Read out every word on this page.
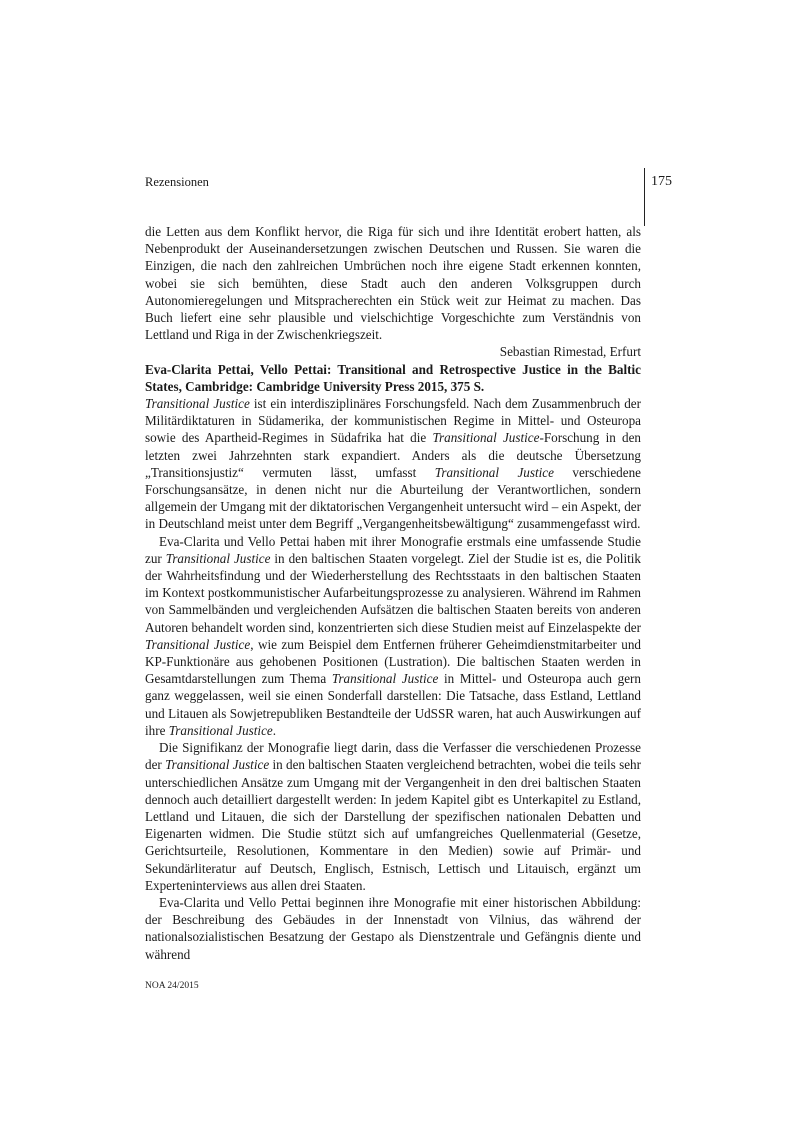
Rezensionen	175

die Letten aus dem Konflikt hervor, die Riga für sich und ihre Identität erobert hatten, als Nebenprodukt der Auseinandersetzungen zwischen Deutschen und Russen. Sie waren die Einzigen, die nach den zahlreichen Umbrüchen noch ihre eigene Stadt erkennen konnten, wobei sie sich bemühten, diese Stadt auch den anderen Volksgruppen durch Autonomieregelungen und Mitspracherechten ein Stück weit zur Heimat zu machen. Das Buch liefert eine sehr plausible und vielschichtige Vorgeschichte zum Verständnis von Lettland und Riga in der Zwischenkriegszeit.

Sebastian Rimestad, Erfurt

Eva-Clarita Pettai, Vello Pettai: Transitional and Retrospective Justice in the Baltic States, Cambridge: Cambridge University Press 2015, 375 S.

Transitional Justice ist ein interdisziplinäres Forschungsfeld. Nach dem Zusammenbruch der Militärdiktaturen in Südamerika, der kommunistischen Regime in Mittel- und Osteuropa sowie des Apartheid-Regimes in Südafrika hat die Transitional Justice-Forschung in den letzten zwei Jahrzehnten stark expandiert. Anders als die deutsche Übersetzung „Transitionsjustiz“ vermuten lässt, umfasst Transitional Justice verschiedene Forschungsansätze, in denen nicht nur die Aburteilung der Verantwortlichen, sondern allgemein der Umgang mit der diktatorischen Vergangenheit untersucht wird – ein Aspekt, der in Deutschland meist unter dem Begriff „Vergangenheitsbewältigung“ zusammengefasst wird.

Eva-Clarita und Vello Pettai haben mit ihrer Monografie erstmals eine umfassende Studie zur Transitional Justice in den baltischen Staaten vorgelegt. Ziel der Studie ist es, die Politik der Wahrheitsfindung und der Wiederherstellung des Rechtsstaats in den baltischen Staaten im Kontext postkommunistischer Aufarbeitungsprozesse zu analysieren. Während im Rahmen von Sammelbänden und vergleichenden Aufsätzen die baltischen Staaten bereits von anderen Autoren behandelt worden sind, konzentrierten sich diese Studien meist auf Einzelaspekte der Transitional Justice, wie zum Beispiel dem Entfernen früherer Geheimdienstmitarbeiter und KP-Funktionäre aus gehobenen Positionen (Lustration). Die baltischen Staaten werden in Gesamtdarstellungen zum Thema Transitional Justice in Mittel- und Osteuropa auch gern ganz weggelassen, weil sie einen Sonderfall darstellen: Die Tatsache, dass Estland, Lettland und Litauen als Sowjetrepubliken Bestandteile der UdSSR waren, hat auch Auswirkungen auf ihre Transitional Justice.

Die Signifikanz der Monografie liegt darin, dass die Verfasser die verschiedenen Prozesse der Transitional Justice in den baltischen Staaten vergleichend betrachten, wobei die teils sehr unterschiedlichen Ansätze zum Umgang mit der Vergangenheit in den drei baltischen Staaten dennoch auch detailliert dargestellt werden: In jedem Kapitel gibt es Unterkapitel zu Estland, Lettland und Litauen, die sich der Darstellung der spezifischen nationalen Debatten und Eigenarten widmen. Die Studie stützt sich auf umfangreiches Quellenmaterial (Gesetze, Gerichtsurteile, Resolutionen, Kommentare in den Medien) sowie auf Primär- und Sekundärliteratur auf Deutsch, Englisch, Estnisch, Lettisch und Litauisch, ergänzt um Experteninterviews aus allen drei Staaten.

Eva-Clarita und Vello Pettai beginnen ihre Monografie mit einer historischen Abbildung: der Beschreibung des Gebäudes in der Innenstadt von Vilnius, das während der nationalsozialistischen Besatzung der Gestapo als Dienstzentrale und Gefängnis diente und während

NOA 24/2015
